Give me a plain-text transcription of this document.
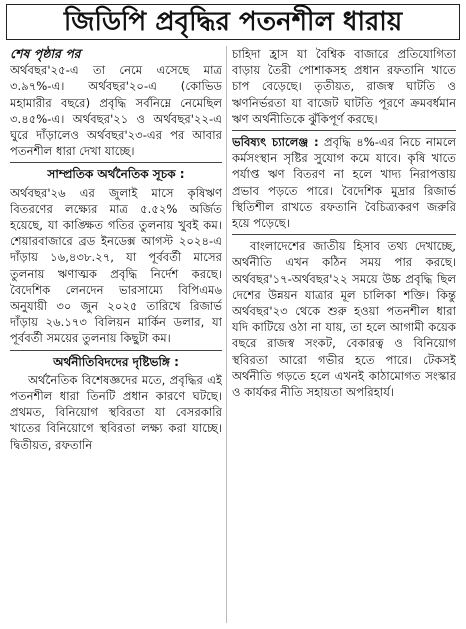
জিডিপি প্রবৃদ্ধির পতনশীল ধারায়
শেষ পৃষ্ঠার পর

অর্থবছর'২৫-এ তা নেমে এসেছে মাত্র ৩.৯৭%-এ। অর্থবছর'২০-এ (কোভিড মহামারীর বছরে) প্রবৃদ্ধি সর্বনিম্নে নেমেছিল ৩.৪৫%-এ। অর্থবছর'২১ ও অর্থবছর'২২-এ ঘুরে দাঁড়ালেও অর্থবছর'২৩-এর পর আবার পতনশীল ধারা দেখা যাচ্ছে।

সাম্প্রতিক অর্থনৈতিক সূচক :

অর্থবছর'২৬ এর জুলাই মাসে কৃষিঋণ বিতরণের লক্ষ্যের মাত্র ৫.৫২% অর্জিত হয়েছে, যা কাঙ্ক্ষিত গতির তুলনায় খুবই কম। শেয়ারবাজারে ব্রড ইনডেক্স আগস্ট ২০২৪-এ দাঁড়ায় ১৬,৪৩৮.২৭, যা পূর্ববর্তী মাসের তুলনায় ঋণাত্মক প্রবৃদ্ধি নির্দেশ করছে। বৈদেশিক লেনদেন ভারসাম্যে বিপিএম৬ অনুযায়ী ৩০ জুন ২০২৫ তারিখে রিজার্ভ দাঁড়ায় ২৬.১৭৩ বিলিয়ন মার্কিন ডলার, যা পূর্ববর্তী সময়ের তুলনায় কিছুটা কম।

অর্থনীতিবিদদের দৃষ্টিভঙ্গি :

অর্থনৈতিক বিশেষজ্ঞদের মতে, প্রবৃদ্ধির এই পতনশীল ধারা তিনটি প্রধান কারণে ঘটছে। প্রথমত, বিনিয়োগ স্থবিরতা যা বেসরকারি খাতের বিনিয়োগে স্থবিরতা লক্ষ্য করা যাচ্ছে। দ্বিতীয়ত, রফতানি

চাহিদা হ্রাস যা বৈশ্বিক বাজারে প্রতিযোগিতা বাড়ায় তৈরী পোশাকসহ প্রধান রফতানি খাতে চাপ বেড়েছে। তৃতীয়ত, রাজস্ব ঘাটতি ও ঋণনির্ভরতা যা বাজেট ঘাটতি পূরণে ক্রমবর্ধমান ঋণ অর্থনীতিকে ঝুঁকিপূর্ণ করছে।

ভবিষ্যৎ চ্যালেঞ্জ : প্রবৃদ্ধি ৪%-এর নিচে নামলে কর্মসংস্থান সৃষ্টির সুযোগ কমে যাবে। কৃষি খাতে পর্যাপ্ত ঋণ বিতরণ না হলে খাদ্য নিরাপত্তায় প্রভাব পড়তে পারে। বৈদেশিক মুদ্রার রিজার্ভ স্থিতিশীল রাখতে রফতানি বৈচিত্র্যকরণ জরুরি হয়ে পড়েছে।

বাংলাদেশের জাতীয় হিসাব তথ্য দেখাচ্ছে, অর্থনীতি এখন কঠিন সময় পার করছে। অর্থবছর'১৭-অর্থবছর'২২ সময়ে উচ্চ প্রবৃদ্ধি ছিল দেশের উন্নয়ন যাত্রার মূল চালিকা শক্তি। কিন্তু অর্থবছর'২৩ থেকে শুরু হওয়া পতনশীল ধারা যদি কাটিয়ে ওঠা না যায়, তা হলে আগামী কয়েক বছরে রাজস্ব সংকট, বেকারত্ব ও বিনিয়োগ স্থবিরতা আরো গভীর হতে পারে। টেকসই অর্থনীতি গড়তে হলে এখনই কাঠামোগত সংস্কার ও কার্যকর নীতি সহায়তা অপরিহার্য।
